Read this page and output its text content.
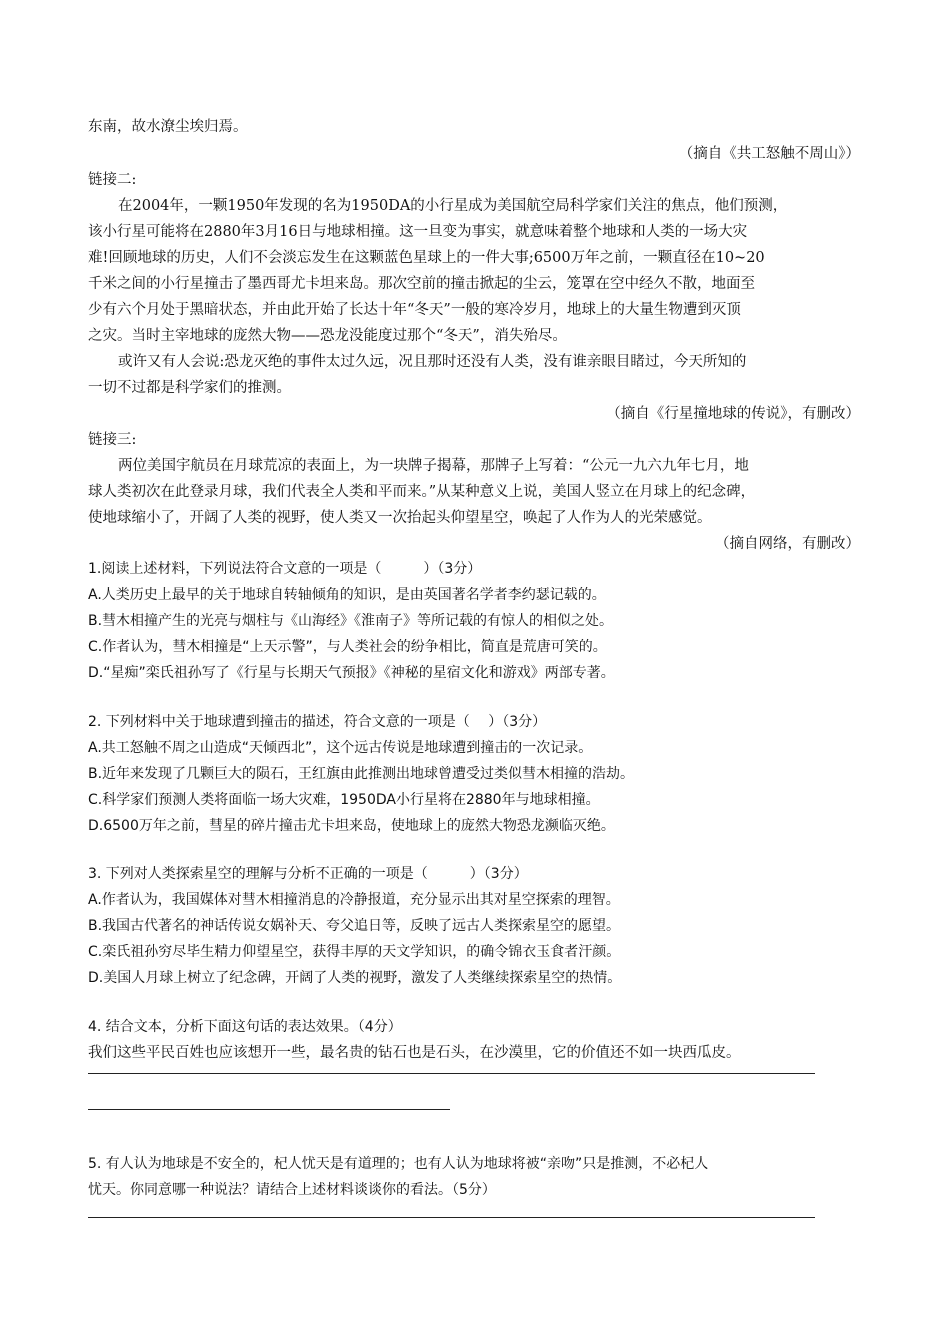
东南，故水潦尘埃归焉。
（摘自《共工怒触不周山》）
链接二:
在2004年，一颗1950年发现的名为1950DA的小行星成为美国航空局科学家们关注的焦点，他们预测，
该小行星可能将在2880年3月16日与地球相撞。这一旦变为事实，就意味着整个地球和人类的一场大灾
难!回顾地球的历史，人们不会淡忘发生在这颗蓝色星球上的一件大事;6500万年之前，一颗直径在10~20
千米之间的小行星撞击了墨西哥尤卡坦来岛。那次空前的撞击掀起的尘云，笼罩在空中经久不散，地面至
少有六个月处于黑暗状态，并由此开始了长达十年“冬天”一般的寒冷岁月，地球上的大量生物遭到灭顶
之灾。当时主宰地球的庞然大物——恐龙没能度过那个“冬天”，消失殆尽。
或许又有人会说:恐龙灭绝的事件太过久远，况且那时还没有人类，没有谁亲眼目睹过，今天所知的
一切不过都是科学家们的推测。
（摘自《行星撞地球的传说》，有删改）
链接三:
两位美国宇航员在月球荒凉的表面上，为一块牌子揭幕，那牌子上写着：“公元一九六九年七月，地
球人类初次在此登录月球，我们代表全人类和平而来。”从某种意义上说，美国人竖立在月球上的纪念碑，
使地球缩小了，开阔了人类的视野，使人类又一次抬起头仰望星空，唤起了人作为人的光荣感觉。
（摘自网络，有删改）
1.阅读上述材料，下列说法符合文意的一项是（　　　）（3分）
A.人类历史上最早的关于地球自转轴倾角的知识，是由英国著名学者李约瑟记载的。
B.彗木相撞产生的光亮与烟柱与《山海经》《淮南子》等所记载的有惊人的相似之处。
C.作者认为，彗木相撞是“上天示警”，与人类社会的纷争相比，简直是荒唐可笑的。
D.“星痴”栾氏祖孙写了《行星与长期天气预报》《神秘的星宿文化和游戏》两部专著。
2. 下列材料中关于地球遭到撞击的描述，符合文意的一项是（　 ）（3分）
A.共工怒触不周之山造成“天倾西北”，这个远古传说是地球遭到撞击的一次记录。
B.近年来发现了几颗巨大的陨石，王红旗由此推测出地球曾遭受过类似彗木相撞的浩劫。
C.科学家们预测人类将面临一场大灾难，1950DA小行星将在2880年与地球相撞。
D.6500万年之前，彗星的碎片撞击尤卡坦来岛，使地球上的庞然大物恐龙濒临灭绝。
3. 下列对人类探索星空的理解与分析不正确的一项是（　　　）（3分）
A.作者认为，我国媒体对彗木相撞消息的冷静报道，充分显示出其对星空探索的理智。
B.我国古代著名的神话传说女娲补天、夸父追日等，反映了远古人类探索星空的愿望。
C.栾氏祖孙穷尽毕生精力仰望星空，获得丰厚的天文学知识，的确令锦衣玉食者汗颜。
D.美国人月球上树立了纪念碑，开阔了人类的视野，激发了人类继续探索星空的热情。
4. 结合文本，分析下面这句话的表达效果。（4分）
我们这些平民百姓也应该想开一些，最名贵的钻石也是石头，在沙漠里，它的价值还不如一块西瓜皮。
5. 有人认为地球是不安全的，杞人忧天是有道理的；也有人认为地球将被“亲吻”只是推测，不必杞人
忧天。你同意哪一种说法？请结合上述材料谈谈你的看法。（5分）
